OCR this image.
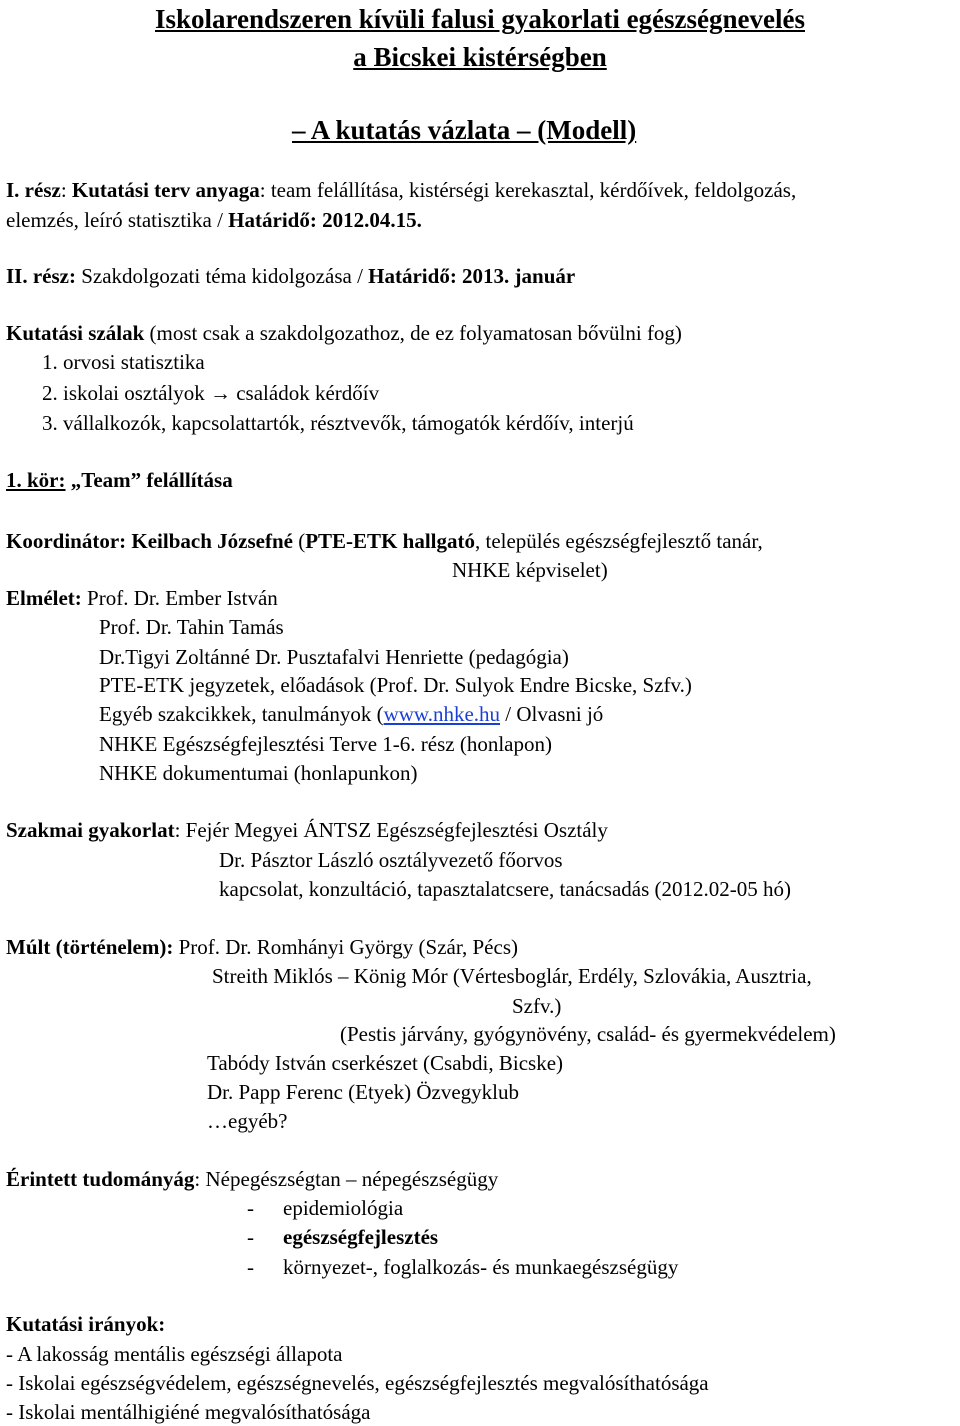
Iskolarendszeren kívüli falusi gyakorlati egészségnevelés
a Bicskei kistérségben
– A kutatás vázlata – (Modell)
I. rész: Kutatási terv anyaga: team felállítása, kistérségi kerekasztal, kérdőívek, feldolgozás,
elemzés, leíró statisztika / Határidő: 2012.04.15.
II. rész: Szakdolgozati téma kidolgozása / Határidő: 2013. január
Kutatási szálak (most csak a szakdolgozathoz, de ez folyamatosan bővülni fog)
1. orvosi statisztika
2. iskolai osztályok → családok kérdőív
3. vállalkozók, kapcsolattartók, résztvevők, támogatók kérdőív, interjú
1. kör: „Team” felállítása
Koordinátor: Keilbach Józsefné (PTE-ETK hallgató, település egészségfejlesztő tanár,
NHKE képviselet)
Elmélet: Prof. Dr. Ember István
Prof. Dr. Tahin Tamás
Dr.Tigyi Zoltánné Dr. Pusztafalvi Henriette (pedagógia)
PTE-ETK jegyzetek, előadások (Prof. Dr. Sulyok Endre Bicske, Szfv.)
Egyéb szakcikkek, tanulmányok (www.nhke.hu / Olvasni jó
NHKE Egészségfejlesztési Terve 1-6. rész (honlapon)
NHKE dokumentumai (honlapunkon)
Szakmai gyakorlat: Fejér Megyei ÁNTSZ Egészségfejlesztési Osztály
Dr. Pásztor László osztályvezető főorvos
kapcsolat, konzultáció, tapasztalatcsere, tanácsadás (2012.02-05 hó)
Múlt (történelem): Prof. Dr. Romhányi György (Szár, Pécs)
Streith Miklós – König Mór (Vértesboglár, Erdély, Szlovákia, Ausztria,
Szfv.)
(Pestis járvány, gyógynövény, család- és gyermekvédelem)
Tabódy István cserkészet (Csabdi, Bicske)
Dr. Papp Ferenc (Etyek) Özvegyklub
…egyéb?
Érintett tudományág: Népegészségtan – népegészségügy
- epidemiológia
- egészségfejlesztés
- környezet-, foglalkozás- és munkaegészségügy
Kutatási irányok:
- A lakosság mentális egészségi állapota
- Iskolai egészségvédelem, egészségnevelés, egészségfejlesztés megvalósíthatósága
- Iskolai mentálhigiéné megvalósíthatósága
